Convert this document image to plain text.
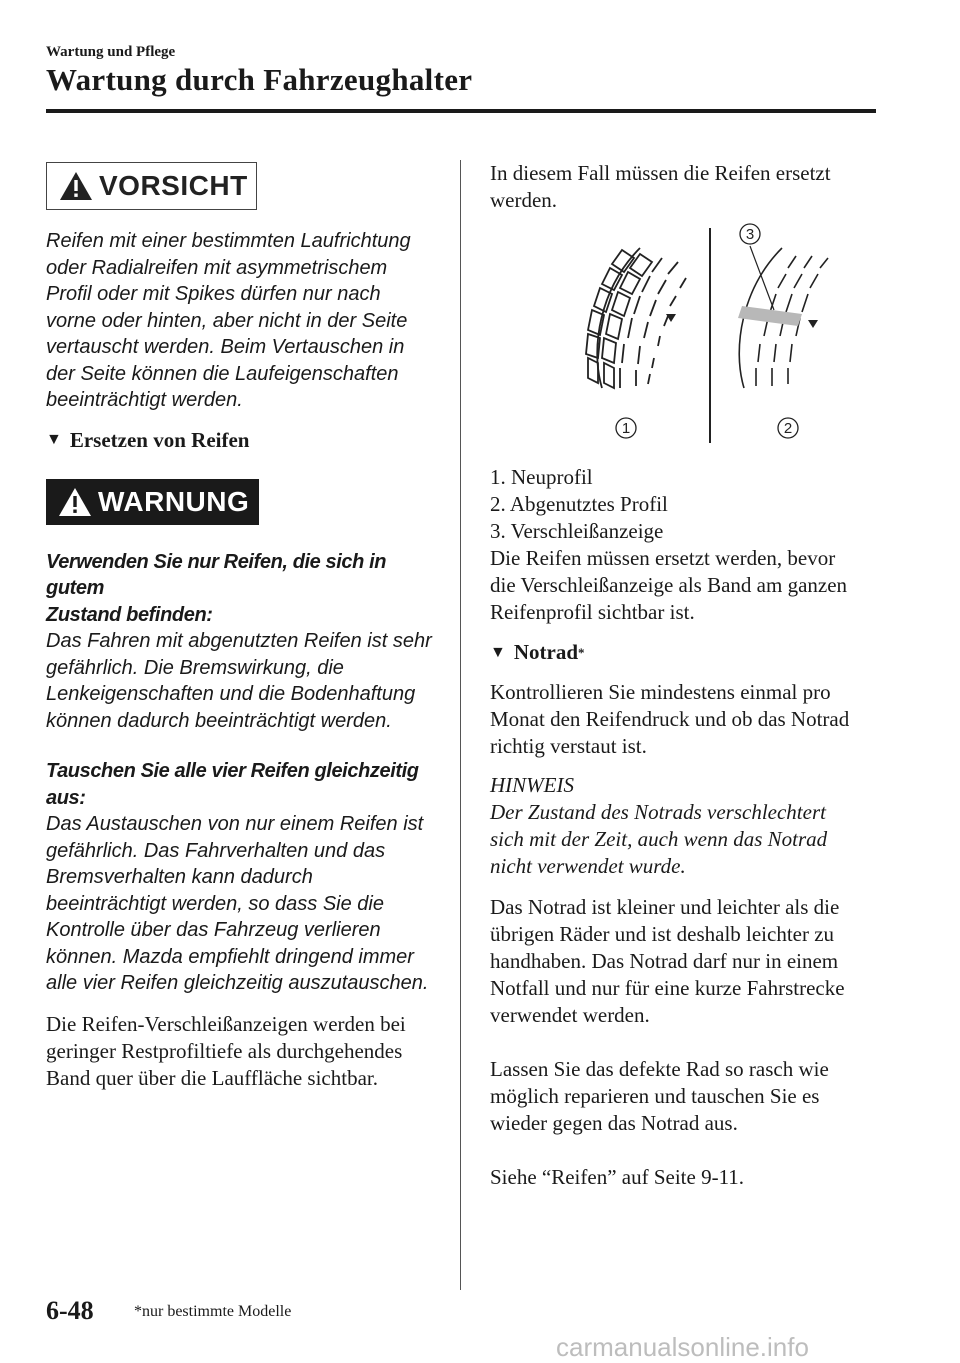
Wartung und Pflege
Wartung durch Fahrzeughalter
VORSICHT

Reifen mit einer bestimmten Laufrichtung

oder Radialreifen mit asymmetrischem

Profil oder mit Spikes dürfen nur nach

vorne oder hinten, aber nicht in der Seite

vertauscht werden. Beim Vertauschen in

der Seite können die Laufeigenschaften

beeinträchtigt werden.

▼ Ersetzen von Reifen
WARNUNG

Verwenden Sie nur Reifen, die sich in gutem

Zustand befinden:

Das Fahren mit abgenutzten Reifen ist sehr

gefährlich. Die Bremswirkung, die

Lenkeigenschaften und die Bodenhaftung

können dadurch beeinträchtigt werden.

Tauschen Sie alle vier Reifen gleichzeitig

aus:

Das Austauschen von nur einem Reifen ist

gefährlich. Das Fahrverhalten und das

Bremsverhalten kann dadurch

beeinträchtigt werden, so dass Sie die

Kontrolle über das Fahrzeug verlieren

können. Mazda empfiehlt dringend immer

alle vier Reifen gleichzeitig auszutauschen.

Die Reifen-Verschleißanzeigen werden bei

geringer Restprofiltiefe als durchgehendes

Band quer über die Lauffläche sichtbar.

In diesem Fall müssen die Reifen ersetzt

werden.

1	2
3

1. Neuprofil

2. Abgenutztes Profil

3. Verschleißanzeige

Die Reifen müssen ersetzt werden, bevor

die Verschleißanzeige als Band am ganzen

Reifenprofil sichtbar ist.

▼ Notrad *

Kontrollieren Sie mindestens einmal pro

Monat den Reifendruck und ob das Notrad

richtig verstaut ist.

HINWEIS

Der Zustand des Notrads verschlechtert

sich mit der Zeit, auch wenn das Notrad

nicht verwendet wurde.

Das Notrad ist kleiner und leichter als die

übrigen Räder und ist deshalb leichter zu

handhaben. Das Notrad darf nur in einem

Notfall und nur für eine kurze Fahrstrecke

verwendet werden.

Lassen Sie das defekte Rad so rasch wie

möglich reparieren und tauschen Sie es

wieder gegen das Notrad aus.

Siehe “Reifen” auf Seite 9-11.

6-48	*nur bestimmte Modelle
carmanualsonline.info
